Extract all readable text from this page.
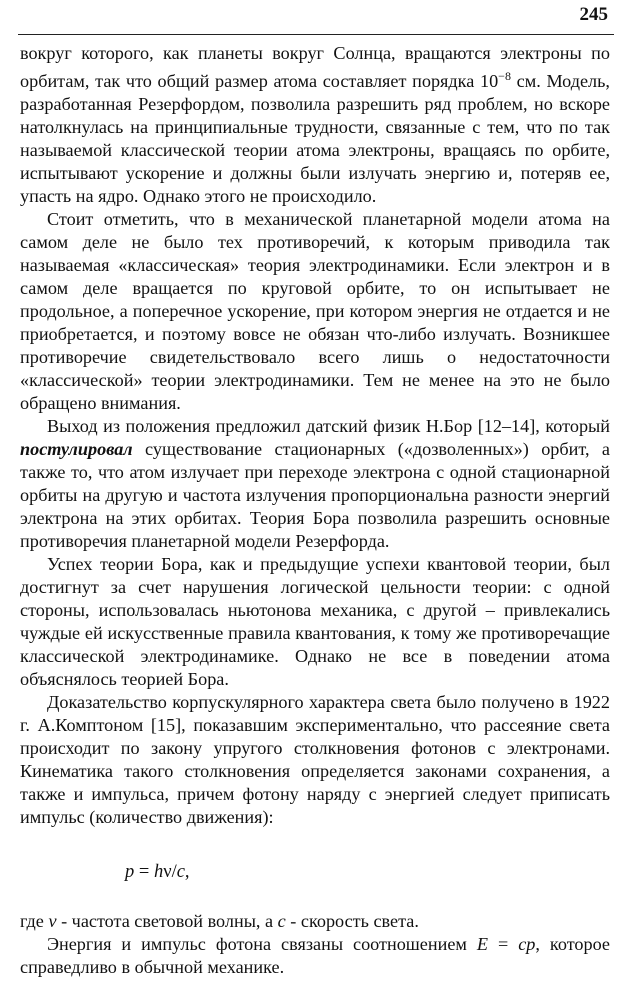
245

вокруг которого, как планеты вокруг Солнца, вращаются электроны по орбитам, так что общий размер атома составляет порядка $10^{-8}$ см. Модель, разработанная Резерфордом, позволила разрешить ряд проблем, но вскоре натолкнулась на принципиальные трудности, связанные с тем, что по так называемой классической теории атома электроны, вращаясь по орбите, испытывают ускорение и должны были излучать энергию и, потеряв ее, упасть на ядро. Однако этого не происходило.

Стоит отметить, что в механической планетарной модели атома на самом деле не было тех противоречий, к которым приводила так называемая «классическая» теория электродинамики. Если электрон и в самом деле вращается по круговой орбите, то он испытывает не продольное, а поперечное ускорение, при котором энергия не отдается и не приобретается, и поэтому вовсе не обязан что-либо излучать. Возникшее противоречие свидетельствовало всего лишь о недостаточности «классической» теории электродинамики. Тем не менее на это не было обращено внимания.

Выход из положения предложил датский физик Н.Бор [12–14], который постулировал существование стационарных («дозволенных») орбит, а также то, что атом излучает при переходе электрона с одной стационарной орбиты на другую и частота излучения пропорциональна разности энергий электрона на этих орбитах. Теория Бора позволила разрешить основные противоречия планетарной модели Резерфорда.

Успех теории Бора, как и предыдущие успехи квантовой теории, был достигнут за счет нарушения логической цельности теории: с одной стороны, использовалась ньютонова механика, с другой – привлекались чуждые ей искусственные правила квантования, к тому же противоречащие классической электродинамике. Однако не все в поведении атома объяснялось теорией Бора.

Доказательство корпускулярного характера света было получено в 1922 г. А.Комптоном [15], показавшим экспериментально, что рассеяние света происходит по закону упругого столкновения фотонов с электронами. Кинематика такого столкновения определяется законами сохранения, а также и импульса, причем фотону наряду с энергией следует приписать импульс (количество движения):

p = hν/c,

где ν - частота световой волны, а c - скорость света.

Энергия и импульс фотона связаны соотношением E = cp, которое справедливо в обычной механике.
